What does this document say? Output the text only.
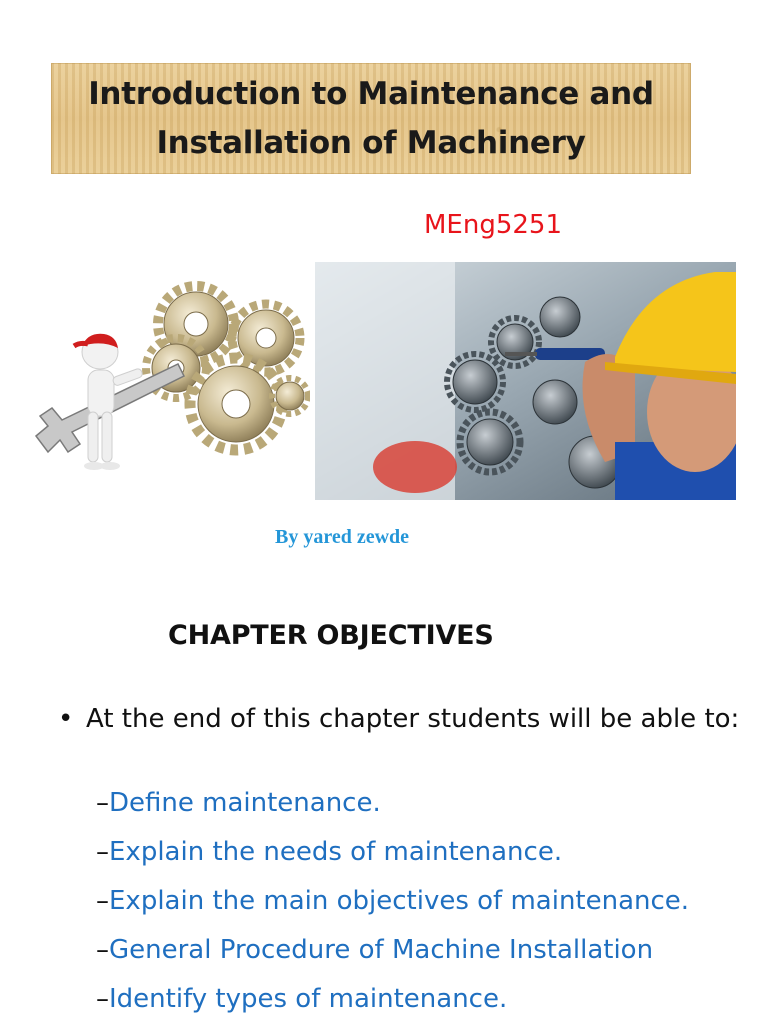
Introduction to Maintenance and
Installation of Machinery
MEng5251
By yared zewde
CHAPTER OBJECTIVES
• At the end of this chapter students will be able to:
–Define maintenance.
–Explain the needs of maintenance.
–Explain the main objectives of maintenance.
–General Procedure of Machine Installation
–Identify types of maintenance.
